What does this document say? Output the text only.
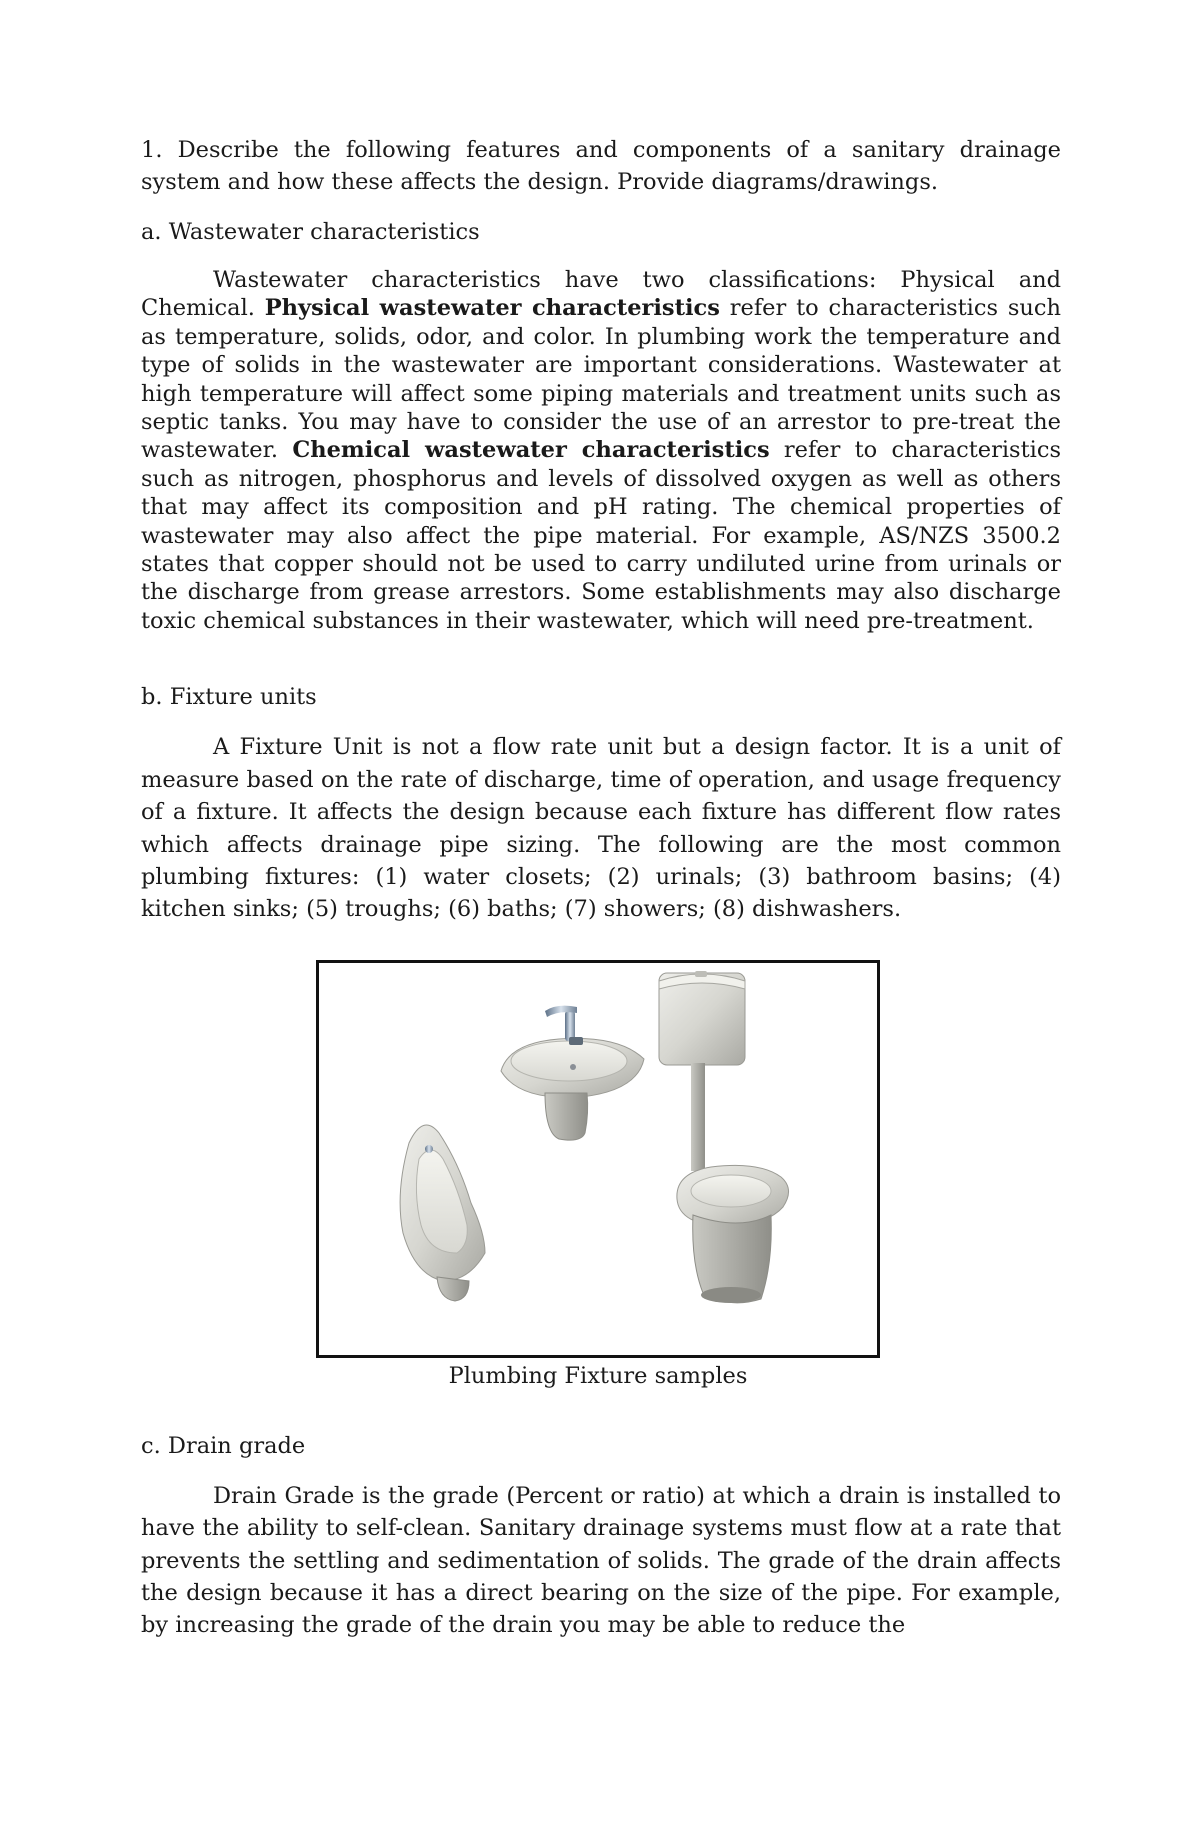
1. Describe the following features and components of a sanitary drainage system and how these affects the design. Provide diagrams/drawings.

a. Wastewater characteristics

Wastewater characteristics have two classifications: Physical and Chemical. Physical wastewater characteristics refer to characteristics such as temperature, solids, odor, and color. In plumbing work the temperature and type of solids in the wastewater are important considerations. Wastewater at high temperature will affect some piping materials and treatment units such as septic tanks. You may have to consider the use of an arrestor to pre-treat the wastewater. Chemical wastewater characteristics refer to characteristics such as nitrogen, phosphorus and levels of dissolved oxygen as well as others that may affect its composition and pH rating. The chemical properties of wastewater may also affect the pipe material. For example, AS/NZS 3500.2 states that copper should not be used to carry undiluted urine from urinals or the discharge from grease arrestors. Some establishments may also discharge toxic chemical substances in their wastewater, which will need pre-treatment.

b. Fixture units

A Fixture Unit is not a flow rate unit but a design factor. It is a unit of measure based on the rate of discharge, time of operation, and usage frequency of a fixture. It affects the design because each fixture has different flow rates which affects drainage pipe sizing. The following are the most common plumbing fixtures: (1) water closets; (2) urinals; (3) bathroom basins; (4) kitchen sinks; (5) troughs; (6) baths; (7) showers; (8) dishwashers.

Plumbing Fixture samples

c. Drain grade

Drain Grade is the grade (Percent or ratio) at which a drain is installed to have the ability to self-clean. Sanitary drainage systems must flow at a rate that prevents the settling and sedimentation of solids. The grade of the drain affects the design because it has a direct bearing on the size of the pipe. For example, by increasing the grade of the drain you may be able to reduce the
